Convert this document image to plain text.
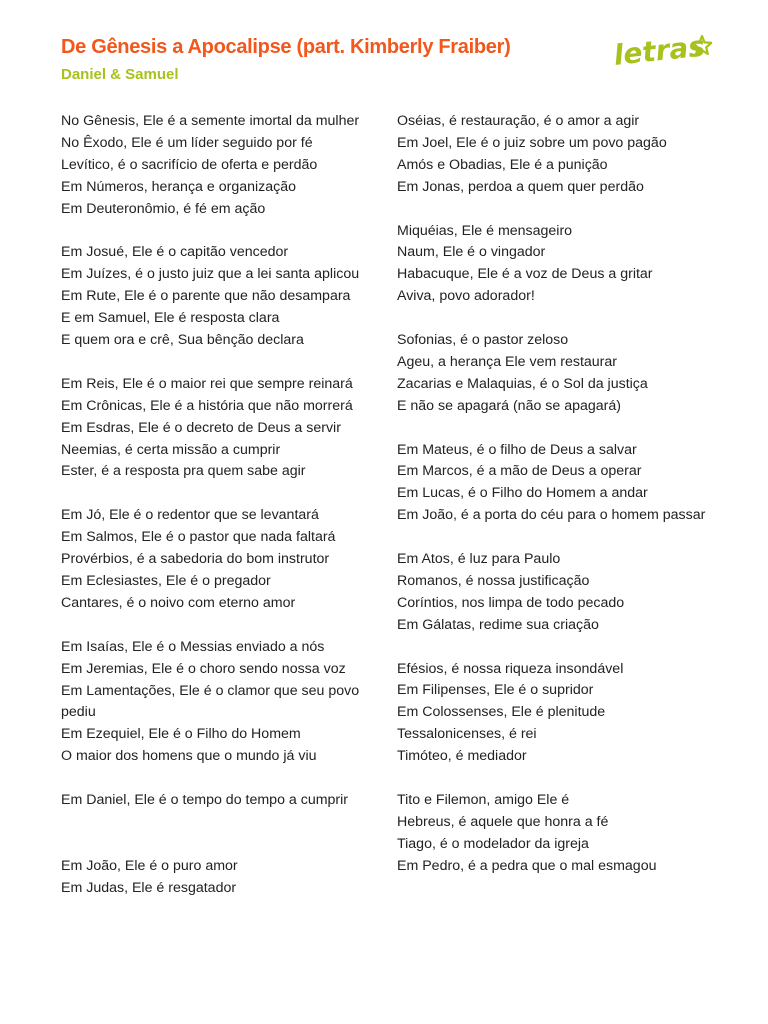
De Gênesis a Apocalipse (part. Kimberly Fraiber)
Daniel & Samuel
letras
No Gênesis, Ele é a semente imortal da mulher
No Êxodo, Ele é um líder seguido por fé
Levítico, é o sacrifício de oferta e perdão
Em Números, herança e organização
Em Deuteronômio, é fé em ação
Em Josué, Ele é o capitão vencedor
Em Juízes, é o justo juiz que a lei santa aplicou
Em Rute, Ele é o parente que não desampara
E em Samuel, Ele é resposta clara
E quem ora e crê, Sua bênção declara
Em Reis, Ele é o maior rei que sempre reinará
Em Crônicas, Ele é a história que não morrerá
Em Esdras, Ele é o decreto de Deus a servir
Neemias, é certa missão a cumprir
Ester, é a resposta pra quem sabe agir
Em Jó, Ele é o redentor que se levantará
Em Salmos, Ele é o pastor que nada faltará
Provérbios, é a sabedoria do bom instrutor
Em Eclesiastes, Ele é o pregador
Cantares, é o noivo com eterno amor
Em Isaías, Ele é o Messias enviado a nós
Em Jeremias, Ele é o choro sendo nossa voz
Em Lamentações, Ele é o clamor que seu povo pediu
Em Ezequiel, Ele é o Filho do Homem
O maior dos homens que o mundo já viu
Em Daniel, Ele é o tempo do tempo a cumprir
Em João, Ele é o puro amor
Em Judas, Ele é resgatador
Oséias, é restauração, é o amor a agir
Em Joel, Ele é o juiz sobre um povo pagão
Amós e Obadias, Ele é a punição
Em Jonas, perdoa a quem quer perdão
Miquéias, Ele é mensageiro
Naum, Ele é o vingador
Habacuque, Ele é a voz de Deus a gritar
Aviva, povo adorador!
Sofonias, é o pastor zeloso
Ageu, a herança Ele vem restaurar
Zacarias e Malaquias, é o Sol da justiça
E não se apagará (não se apagará)
Em Mateus, é o filho de Deus a salvar
Em Marcos, é a mão de Deus a operar
Em Lucas, é o Filho do Homem a andar
Em João, é a porta do céu para o homem passar
Em Atos, é luz para Paulo
Romanos, é nossa justificação
Coríntios, nos limpa de todo pecado
Em Gálatas, redime sua criação
Efésios, é nossa riqueza insondável
Em Filipenses, Ele é o supridor
Em Colossenses, Ele é plenitude
Tessalonicenses, é rei
Timóteo, é mediador
Tito e Filemon, amigo Ele é
Hebreus, é aquele que honra a fé
Tiago, é o modelador da igreja
Em Pedro, é a pedra que o mal esmagou
